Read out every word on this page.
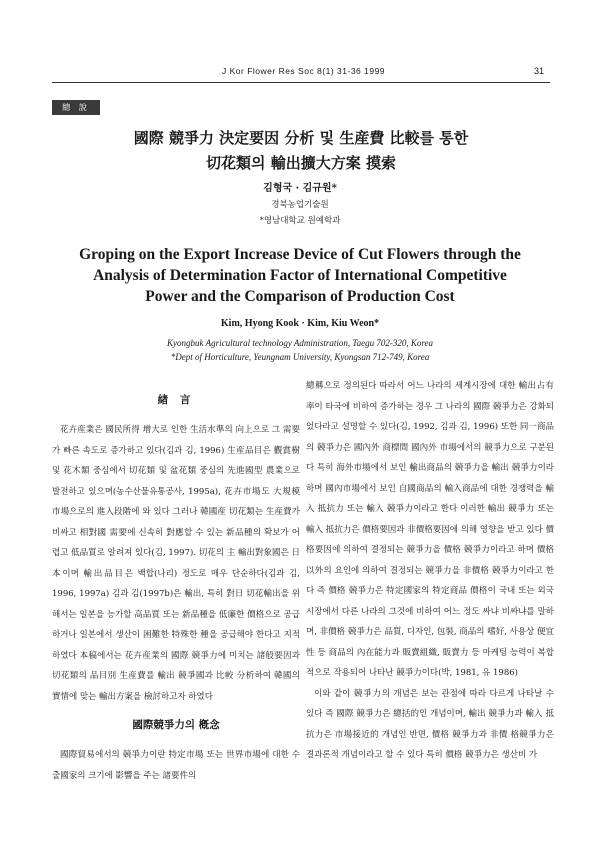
J Kor Flower Res Soc 8(1) 31-36 1999	31
總 說
國際 競爭力 決定要因 分析 및 生産費 比較를 통한
切花類의 輸出擴大方案 摸索
김형국 · 김규원*
경북농업기술원
*영남대학교 원예학과
Groping on the Export Increase Device of Cut Flowers through the
Analysis of Determination Factor of International Competitive
Power and the Comparison of Production Cost
Kim, Hyong Kook · Kim, Kiu Weon*
Kyongbuk Agricultural technology Administration, Taegu 702-320, Korea
*Dept of Horticulture, Yeungnam University, Kyongsan 712-749, Korea
緖 言

花卉産業은 國民所得 增大로 인한 生活水準의 向上으로 그 需要가 빠른 속도로 증가하고 있다(김과 김, 1996) 生産品目은 觀賞樹 및 花木類 중심에서 切花類 및 盆花類 중심의 先進國型 農業으로 발전하고 있으며(농수산물유통공사, 1995a), 花卉市場도 大規模 市場으로의 進入段階에 와 있다 그러나 韓國産 切花類는 生産費가 비싸고 相對國 需要에 신속히 對應할 수 있는 新品種의 확보가 어렵고 低品質로 알려져 있다(김, 1997). 切花의 主 輸出對象國은 日本이며 輸出品目은 백합(나리) 정도로 매우 단순하다(김과 김, 1996, 1997a) 김과 김(1997b)은 輸出, 특히 對日 切花輸出을 위해서는 일본을 능가할 高品質 또는 新品種을 低廉한 價格으로 공급하거나 일본에서 생산이 困難한 特殊한 種을 공급해야 한다고 지적하였다 本稿에서는 花卉産業의 國際 競爭力에 미치는 諸般要因과 切花類의 品目別 生産費를 輸出 競爭國과 比較 分析하여 韓國의 實情에 맞는 輸出方案을 檢討하고자 하였다

國際競爭力의 槪念

國際貿易에서의 競爭力이란 特定市場 또는 世界市場에 대한 수출國家의 크기에 影響을 주는 諸要件의

總稱으로 정의된다 따라서 어느 나라의 세계시장에 대한 輸出占有率이 타국에 비하여 증가하는 경우 그 나라의 國際 競爭力은 강화되었다라고 설명할 수 있다(김, 1992, 김과 김, 1996) 또한 同一商品의 競爭力은 國內外 商標間 國內外 市場에서의 競爭力으로 구분된다 특히 海外市場에서 보인 輸出商品의 競爭力을 輸出 競爭力이라 하며 國內市場에서 보인 自國商品의 輸入商品에 대한 경쟁력을 輸入 抵抗力 또는 輸入 競爭力이라고 한다 이러한 輸出 競爭力 또는 輸入 抵抗力은 價格要因과 非價格要因에 의해 영향을 받고 있다 價格要因에 의하여 결정되는 競爭力을 價格 競爭力이라고 하며 價格 以外의 요인에 의하여 결정되는 競爭力을 非價格 競爭力이라고 한다 즉 價格 競爭力은 特定國家의 特定商品 價格이 국내 또는 외국시장에서 다른 나라의 그것에 비하여 어느 정도 싸냐 비싸냐를 말하며, 非價格 競爭力은 品質, 디자인, 包裝, 商品의 嗜好, 사용상 便宜性 등 商品의 內在能力과 販賣組織, 販賣力 등 마케팅 능력이 복합적으로 작용되어 나타난 競爭力이다(박, 1981, 유 1986)

이와 같이 競爭力의 개념은 보는 관점에 따라 다르게 나타날 수 있다 즉 國際 競爭力은 總括的인 개념이며, 輸出 競爭力과 輸入 抵抗力은 市場接近的 개념인 반면, 價格 競爭力과 非價 格競爭力은 결과론적 개념이라고 할 수 있다 특히 價格 競爭力은 생산비 가
